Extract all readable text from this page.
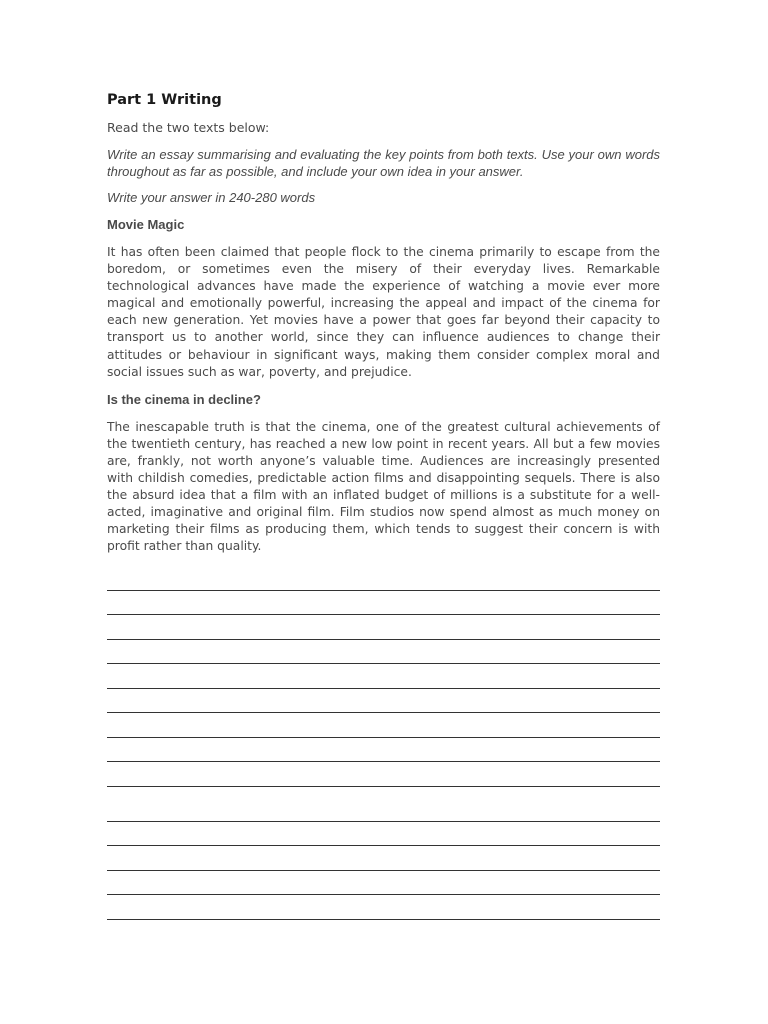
Part 1 Writing

Read the two texts below:

Write an essay summarising and evaluating the key points from both texts. Use your own words throughout as far as possible, and include your own idea in your answer.

Write your answer in 240-280 words

Movie Magic

It has often been claimed that people flock to the cinema primarily to escape from the boredom, or sometimes even the misery of their everyday lives. Remarkable technological advances have made the experience of watching a movie ever more magical and emotionally powerful, increasing the appeal and impact of the cinema for each new generation. Yet movies have a power that goes far beyond their capacity to transport us to another world, since they can influence audiences to change their attitudes or behaviour in significant ways, making them consider complex moral and social issues such as war, poverty, and prejudice.

Is the cinema in decline?

The inescapable truth is that the cinema, one of the greatest cultural achievements of the twentieth century, has reached a new low point in recent years. All but a few movies are, frankly, not worth anyone’s valuable time. Audiences are increasingly presented with childish comedies, predictable action films and disappointing sequels. There is also the absurd idea that a film with an inflated budget of millions is a substitute for a well-acted, imaginative and original film. Film studios now spend almost as much money on marketing their films as producing them, which tends to suggest their concern is with profit rather than quality.
